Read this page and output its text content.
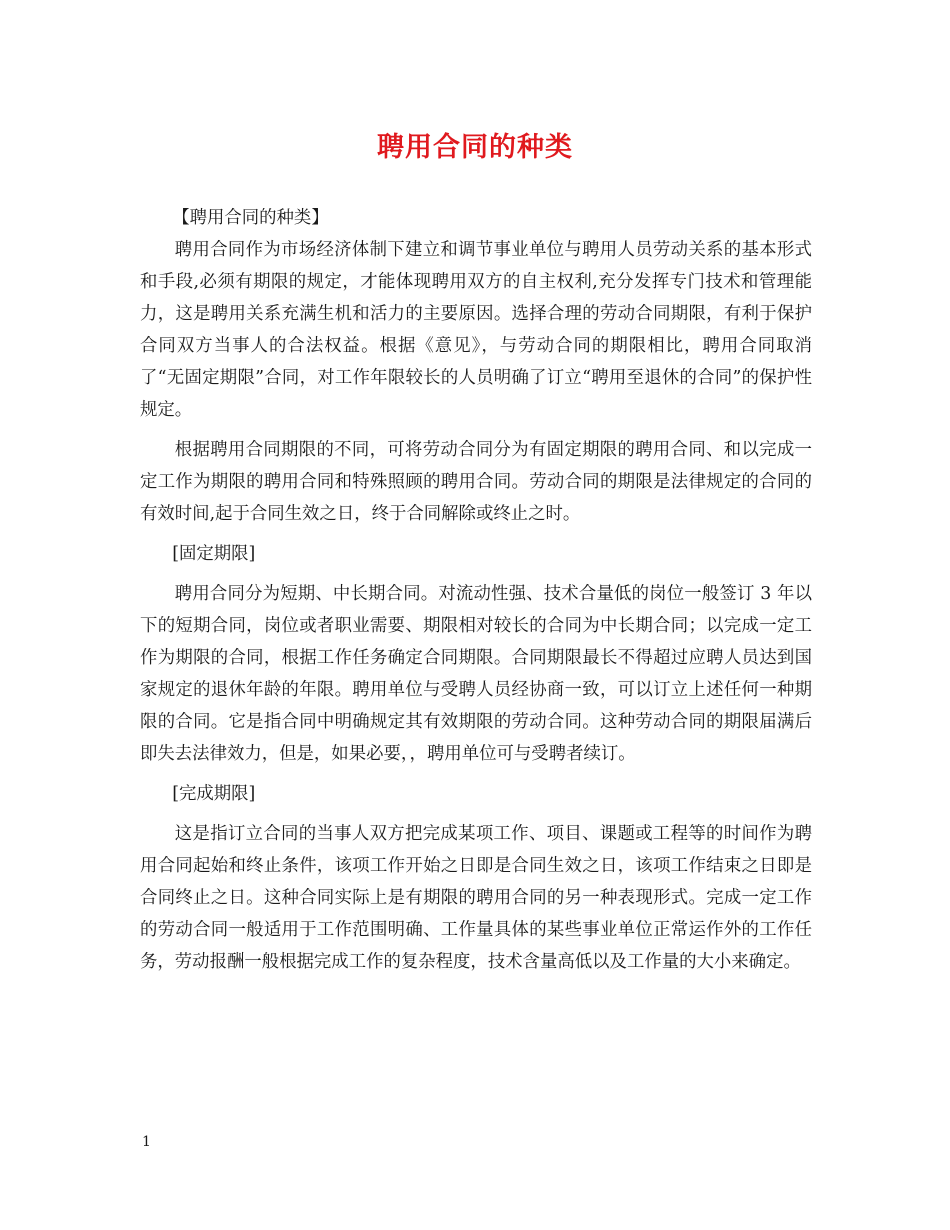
聘用合同的种类

【聘用合同的种类】

聘用合同作为市场经济体制下建立和调节事业单位与聘用人员劳动关系的基本形式和手段,必须有期限的规定，才能体现聘用双方的自主权利,充分发挥专门技术和管理能力，这是聘用关系充满生机和活力的主要原因。选择合理的劳动合同期限，有利于保护合同双方当事人的合法权益。根据《意见》，与劳动合同的期限相比，聘用合同取消了“无固定期限”合同，对工作年限较长的人员明确了订立“聘用至退休的合同”的保护性规定。

根据聘用合同期限的不同，可将劳动合同分为有固定期限的聘用合同、和以完成一定工作为期限的聘用合同和特殊照顾的聘用合同。劳动合同的期限是法律规定的合同的有效时间,起于合同生效之日，终于合同解除或终止之时。

[固定期限]

聘用合同分为短期、中长期合同。对流动性强、技术合量低的岗位一般签订 3 年以下的短期合同，岗位或者职业需要、期限相对较长的合同为中长期合同；以完成一定工作为期限的合同，根据工作任务确定合同期限。合同期限最长不得超过应聘人员达到国家规定的退休年龄的年限。聘用单位与受聘人员经协商一致，可以订立上述任何一种期限的合同。它是指合同中明确规定其有效期限的劳动合同。这种劳动合同的期限届满后即失去法律效力，但是，如果必要，，聘用单位可与受聘者续订。

[完成期限]

这是指订立合同的当事人双方把完成某项工作、项目、课题或工程等的时间作为聘用合同起始和终止条件，该项工作开始之日即是合同生效之日，该项工作结束之日即是合同终止之日。这种合同实际上是有期限的聘用合同的另一种表现形式。完成一定工作的劳动合同一般适用于工作范围明确、工作量具体的某些事业单位正常运作外的工作任务，劳动报酬一般根据完成工作的复杂程度，技术含量高低以及工作量的大小来确定。

1
